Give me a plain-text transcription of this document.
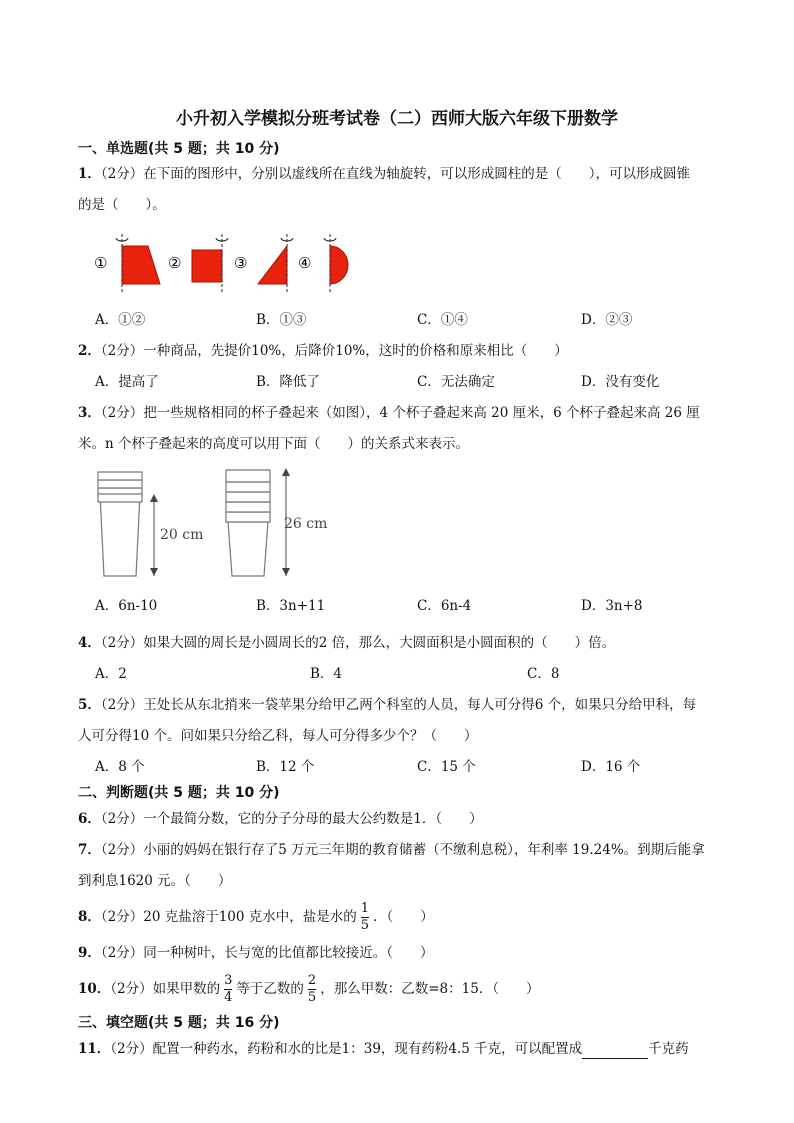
小升初入学模拟分班考试卷（二）西师大版六年级下册数学
一、单选题(共 5 题；共 10 分)
1．（2分）在下面的图形中，分别以虚线所在直线为轴旋转，可以形成圆柱的是（　　），可以形成圆锥
的是（　　）。
①	②	③	④
A．①②	B．①③	C．①④	D．②③
2．（2分）一种商品，先提价10%，后降价10%，这时的价格和原来相比（　　）
A．提高了	B．降低了	C．无法确定	D．没有变化
3．（2分）把一些规格相同的杯子叠起来（如图），4 个杯子叠起来高 20 厘米，6 个杯子叠起来高 26 厘
米。n 个杯子叠起来的高度可以用下面（　　）的关系式来表示。
20 cm
26 cm
A．6n-10	B．3n+11	C．6n-4	D．3n+8
4．（2分）如果大圆的周长是小圆周长的2 倍，那么，大圆面积是小圆面积的（　　）倍。
A．2	B．4	C．8
5．（2分）王处长从东北捎来一袋苹果分给甲乙两个科室的人员，每人可分得6 个，如果只分给甲科，每
人可分得10 个。问如果只分给乙科，每人可分得多少个？（　　）
A．8 个	B．12 个	C．15 个	D．16 个
二、判断题(共 5 题；共 10 分)
6．（2分）一个最简分数，它的分子分母的最大公约数是1．（　　）
7．（2分）小丽的妈妈在银行存了5 万元三年期的教育储蓄（不缴利息税），年利率 19.24%。到期后能拿
到利息1620 元。（　　）
8．（2分）20 克盐溶于100 克水中，盐是水的 $\frac{1}{5}$ ．（　　）
9．（2分）同一种树叶，长与宽的比值都比较接近。（　　）
10．（2分）如果甲数的 $\frac{3}{4}$ 等于乙数的 $\frac{2}{5}$ ，那么甲数：乙数=8：15．（　　）
三、填空题(共 5 题；共 16 分)
11．（2分）配置一种药水，药粉和水的比是1：39，现有药粉4.5 千克，可以配置成	千克药
